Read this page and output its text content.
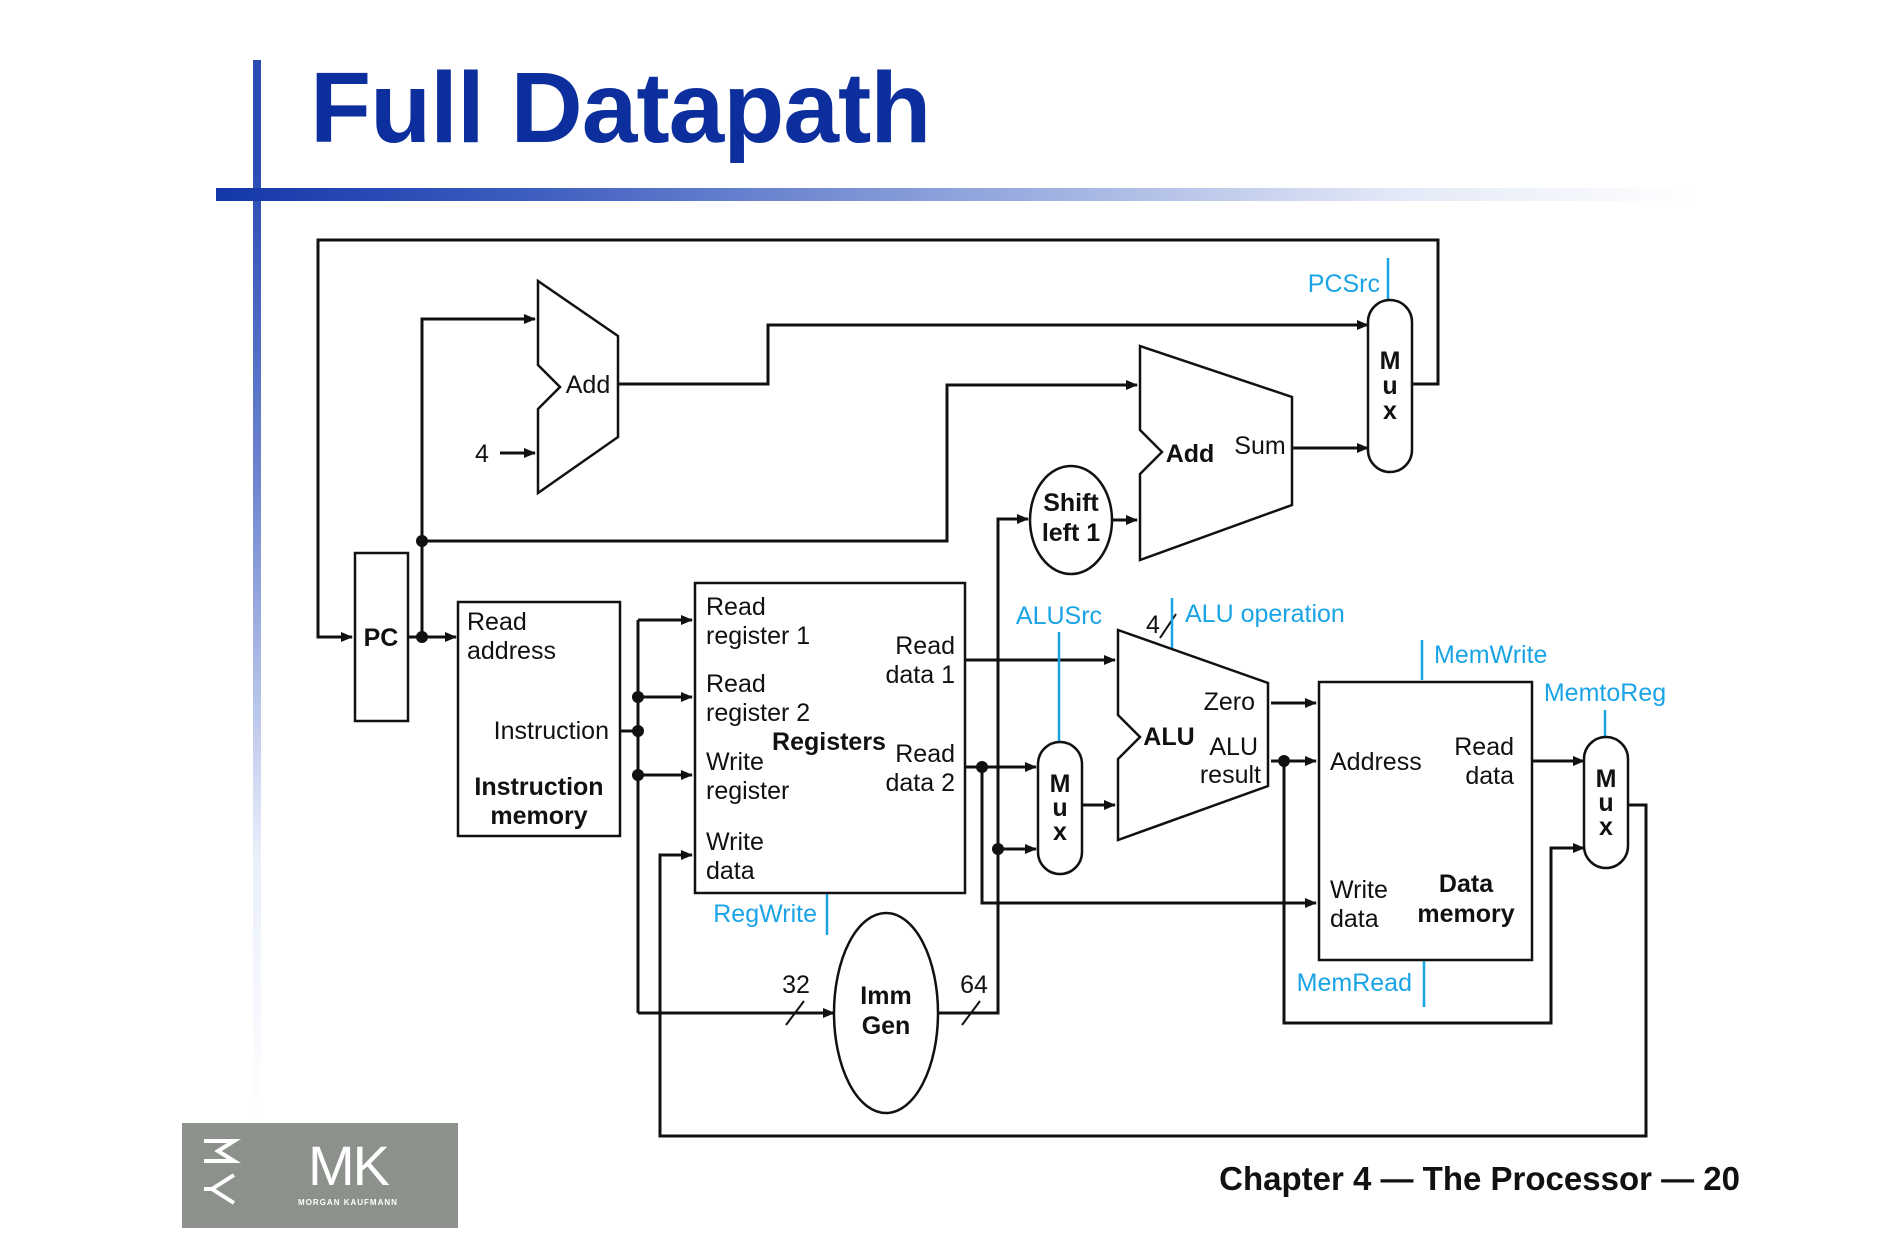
Full Datapath
PC
Add
4	Add Sum
M
u
x
Shift
left 1
Read
address
Instruction
Instruction
memory
Read
register 1
Read
register 2
Write
register
Write
data
Read
data 1
Read
data 2
Registers
Imm
Gen
32	64
M
u
x
ALU
Zero
ALU
result
4
Address
Read
data
Write
data
Data
memory
M
u
x
PCSrc
ALUSrc	ALU operation
MemWrite
MemtoReg
RegWrite
MemRead
MK
MORGAN KAUFMANN
Chapter 4 — The Processor — 20
